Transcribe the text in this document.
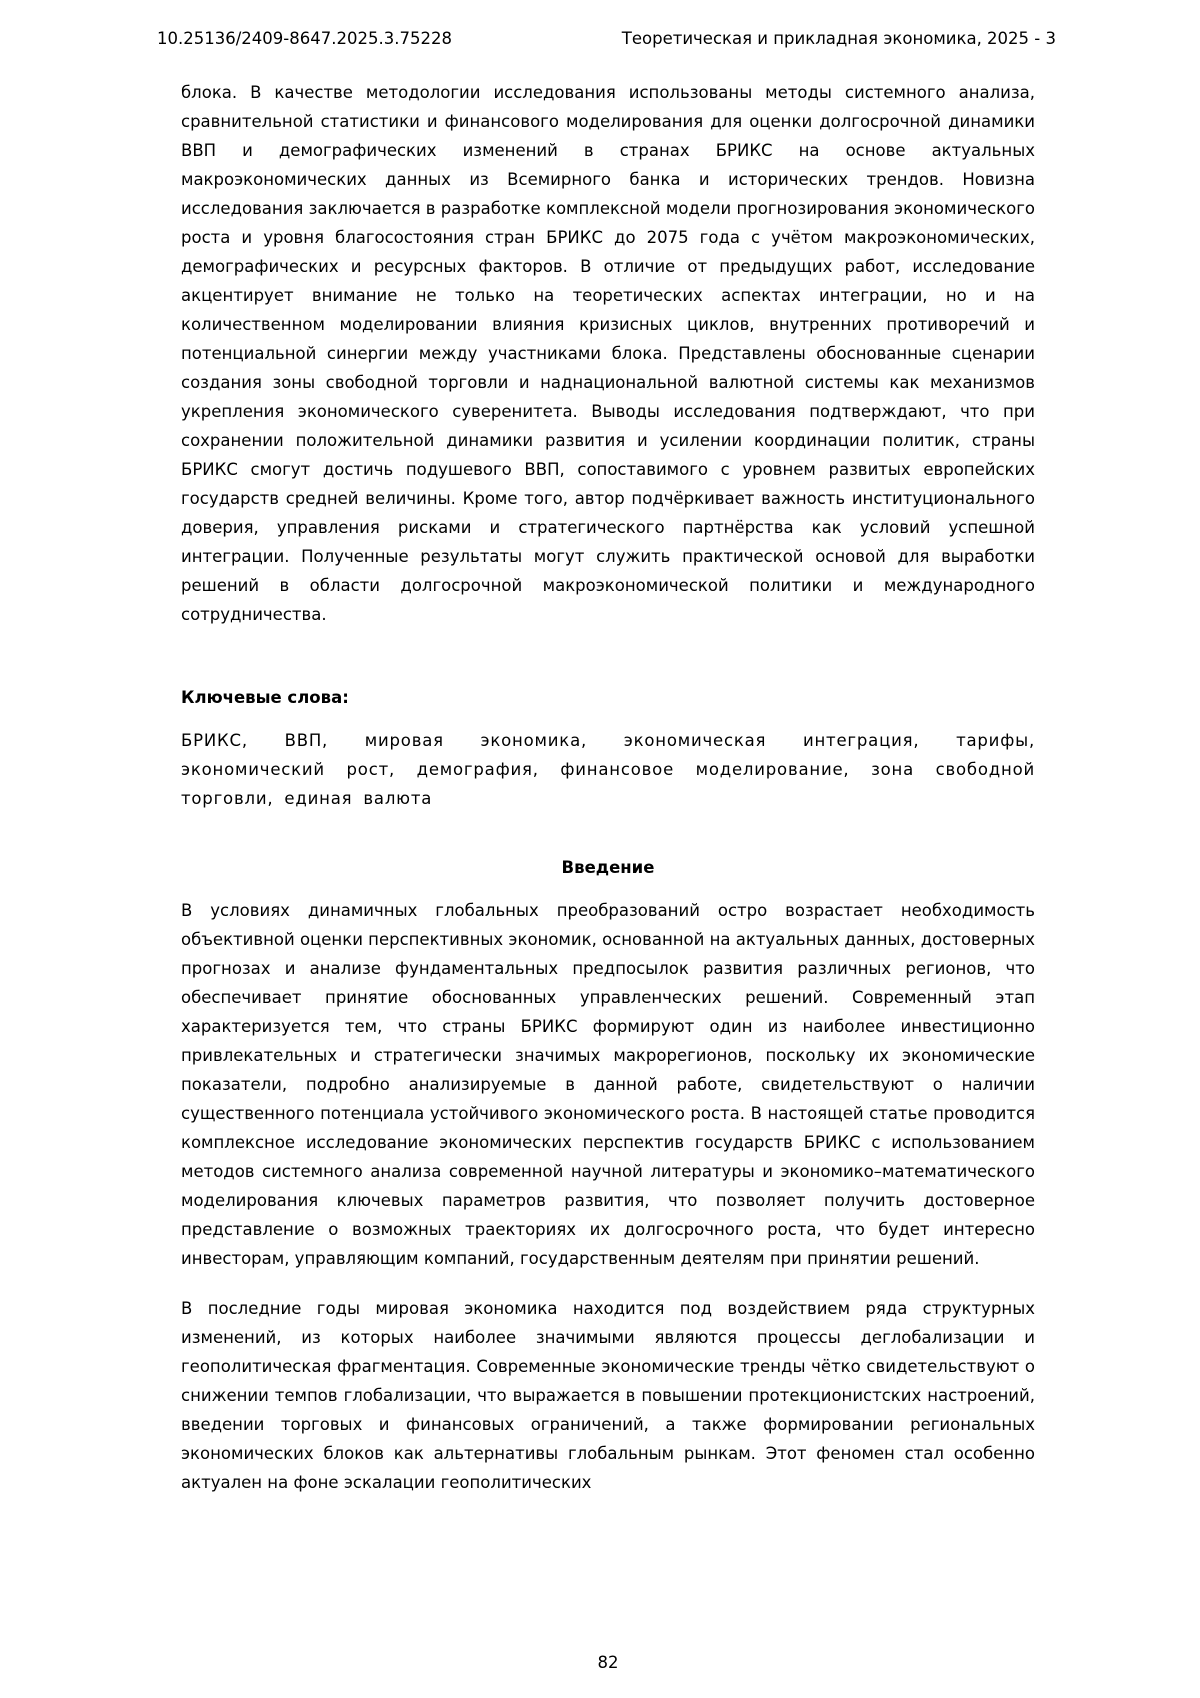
10.25136/2409-8647.2025.3.75228	Теоретическая и прикладная экономика, 2025 - 3

блока. В качестве методологии исследования использованы методы системного анализа, сравнительной статистики и финансового моделирования для оценки долгосрочной динамики ВВП и демографических изменений в странах БРИКС на основе актуальных макроэкономических данных из Всемирного банка и исторических трендов. Новизна исследования заключается в разработке комплексной модели прогнозирования экономического роста и уровня благосостояния стран БРИКС до 2075 года с учётом макроэкономических, демографических и ресурсных факторов. В отличие от предыдущих работ, исследование акцентирует внимание не только на теоретических аспектах интеграции, но и на количественном моделировании влияния кризисных циклов, внутренних противоречий и потенциальной синергии между участниками блока. Представлены обоснованные сценарии создания зоны свободной торговли и наднациональной валютной системы как механизмов укрепления экономического суверенитета. Выводы исследования подтверждают, что при сохранении положительной динамики развития и усилении координации политик, страны БРИКС смогут достичь подушевого ВВП, сопоставимого с уровнем развитых европейских государств средней величины. Кроме того, автор подчёркивает важность институционального доверия, управления рисками и стратегического партнёрства как условий успешной интеграции. Полученные результаты могут служить практической основой для выработки решений в области долгосрочной макроэкономической политики и международного сотрудничества.

Ключевые слова:

БРИКС, ВВП, мировая экономика, экономическая интеграция, тарифы, экономический рост, демография, финансовое моделирование, зона свободной торговли, единая валюта

Введение

В условиях динамичных глобальных преобразований остро возрастает необходимость объективной оценки перспективных экономик, основанной на актуальных данных, достоверных прогнозах и анализе фундаментальных предпосылок развития различных регионов, что обеспечивает принятие обоснованных управленческих решений. Современный этап характеризуется тем, что страны БРИКС формируют один из наиболее инвестиционно привлекательных и стратегически значимых макрорегионов, поскольку их экономические показатели, подробно анализируемые в данной работе, свидетельствуют о наличии существенного потенциала устойчивого экономического роста. В настоящей статье проводится комплексное исследование экономических перспектив государств БРИКС с использованием методов системного анализа современной научной литературы и экономико–математического моделирования ключевых параметров развития, что позволяет получить достоверное представление о возможных траекториях их долгосрочного роста, что будет интересно инвесторам, управляющим компаний, государственным деятелям при принятии решений.

В последние годы мировая экономика находится под воздействием ряда структурных изменений, из которых наиболее значимыми являются процессы деглобализации и геополитическая фрагментация. Современные экономические тренды чётко свидетельствуют о снижении темпов глобализации, что выражается в повышении протекционистских настроений, введении торговых и финансовых ограничений, а также формировании региональных экономических блоков как альтернативы глобальным рынкам. Этот феномен стал особенно актуален на фоне эскалации геополитических

82
